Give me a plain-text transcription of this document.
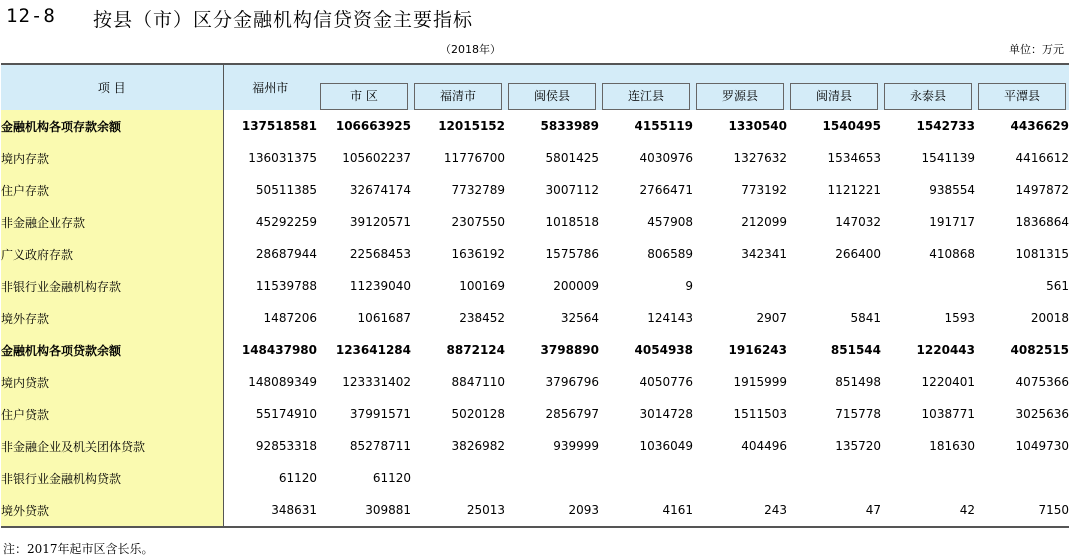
12-8 按县（市）区分金融机构信贷资金主要指标
（2018年）	单位：万元
项 目	福州市								

		市 区	福清市	闽侯县	连江县	罗源县	闽清县	永泰县	平潭县

金融机构各项存款余额	137518581	106663925	12015152	5833989	4155119	1330540	1540495	1542733	4436629
境内存款	136031375	105602237	11776700	5801425	4030976	1327632	1534653	1541139	4416612
住户存款	50511385	32674174	7732789	3007112	2766471	773192	1121221	938554	1497872
非金融企业存款	45292259	39120571	2307550	1018518	457908	212099	147032	191717	1836864
广义政府存款	28687944	22568453	1636192	1575786	806589	342341	266400	410868	1081315
非银行业金融机构存款	11539788	11239040	100169	200009	9				561
境外存款	1487206	1061687	238452	32564	124143	2907	5841	1593	20018
金融机构各项贷款余额	148437980	123641284	8872124	3798890	4054938	1916243	851544	1220443	4082515
境内贷款	148089349	123331402	8847110	3796796	4050776	1915999	851498	1220401	4075366
住户贷款	55174910	37991571	5020128	2856797	3014728	1511503	715778	1038771	3025636
非金融企业及机关团体贷款	92853318	85278711	3826982	939999	1036049	404496	135720	181630	1049730
非银行业金融机构贷款	61120	61120							
境外贷款	348631	309881	25013	2093	4161	243	47	42	7150
注：2017年起市区含长乐。
